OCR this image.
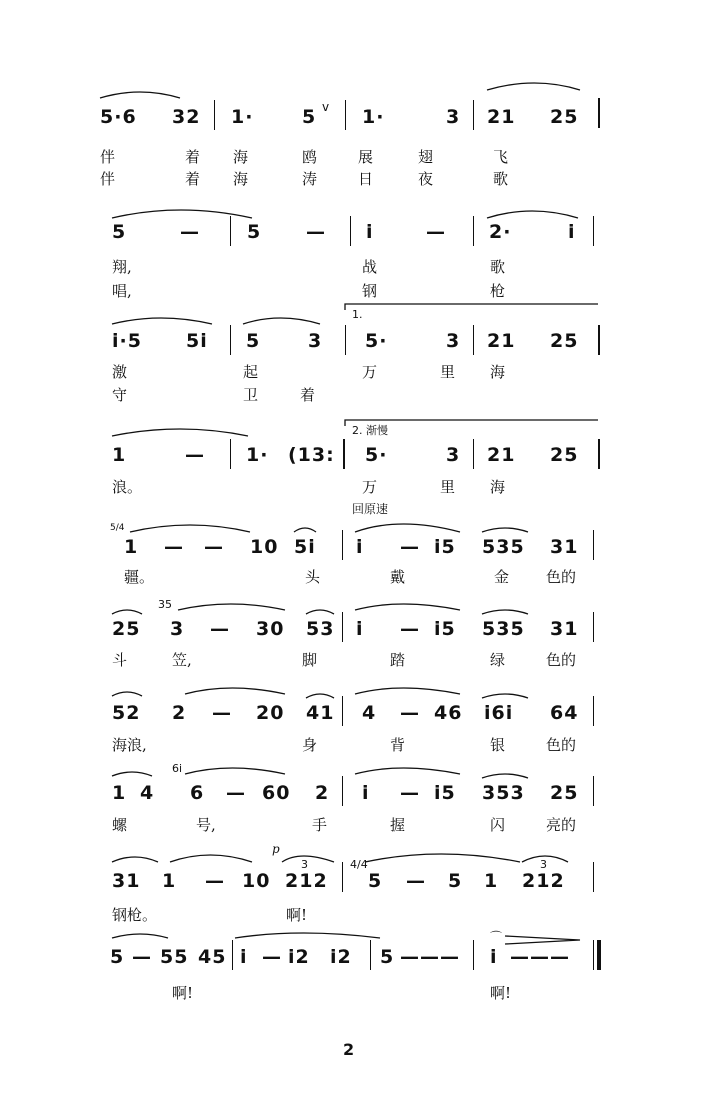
5·6 32 1·	5 v 1·	3 21 25
伴	着 海	鸥	展	翅	飞
伴	着 海	涛	日	夜	歌
5	— 5 — i	— 2·	i
翔,	战	歌
唱,	钢	枪
1.
i·5 5i 5	3 5·	3 21 25
激	起	万	里 海
守	卫	着
2. 渐慢
1	— 1· (13: 5·	3 21 25
浪。	万	里 海
回原速
5/4
1 — — 10 5i i — i5 535 31
疆。	头	戴	金 色的
35
25 3 — 30 53 i — i5 535 31
斗	笠,	脚	踏	绿	色的
52 2 — 20 41 4 — 46 i6i 64
海浪,	身	背	银	色的
6i
1 4 6 — 60 2 i — i5 353 25
螺	号,	手	握	闪	亮的
p
3	3
4/4
31 1 — 10 212 5 — 5 1 212
钢枪。	啊!
⌒
5 — 55 45 i — i2 i2 5 — — — i — — —
啊!	啊!
2
